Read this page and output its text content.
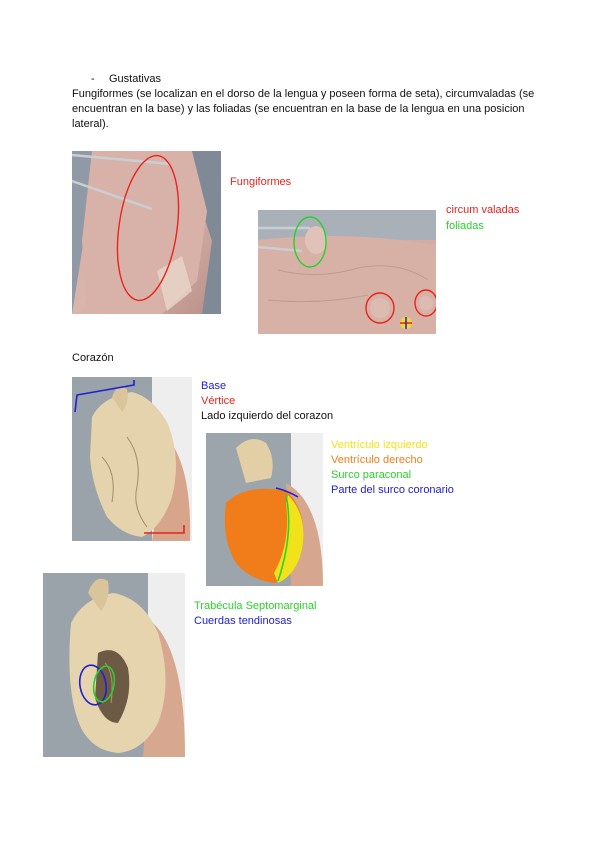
- Gustativas
Fungiformes (se localizan en el dorso de la lengua y poseen forma de seta), circumvaladas (se encuentran en la base) y las foliadas (se encuentran en la base de la lengua en una posicion lateral).
Fungiformes
circum valadas
foliadas
Corazón
Base
Vértice
Lado izquierdo del corazon
Ventrículo izquierdo
Ventrículo derecho
Surco paraconal
Parte del surco coronario
Trabécula Septomarginal
Cuerdas tendinosas
